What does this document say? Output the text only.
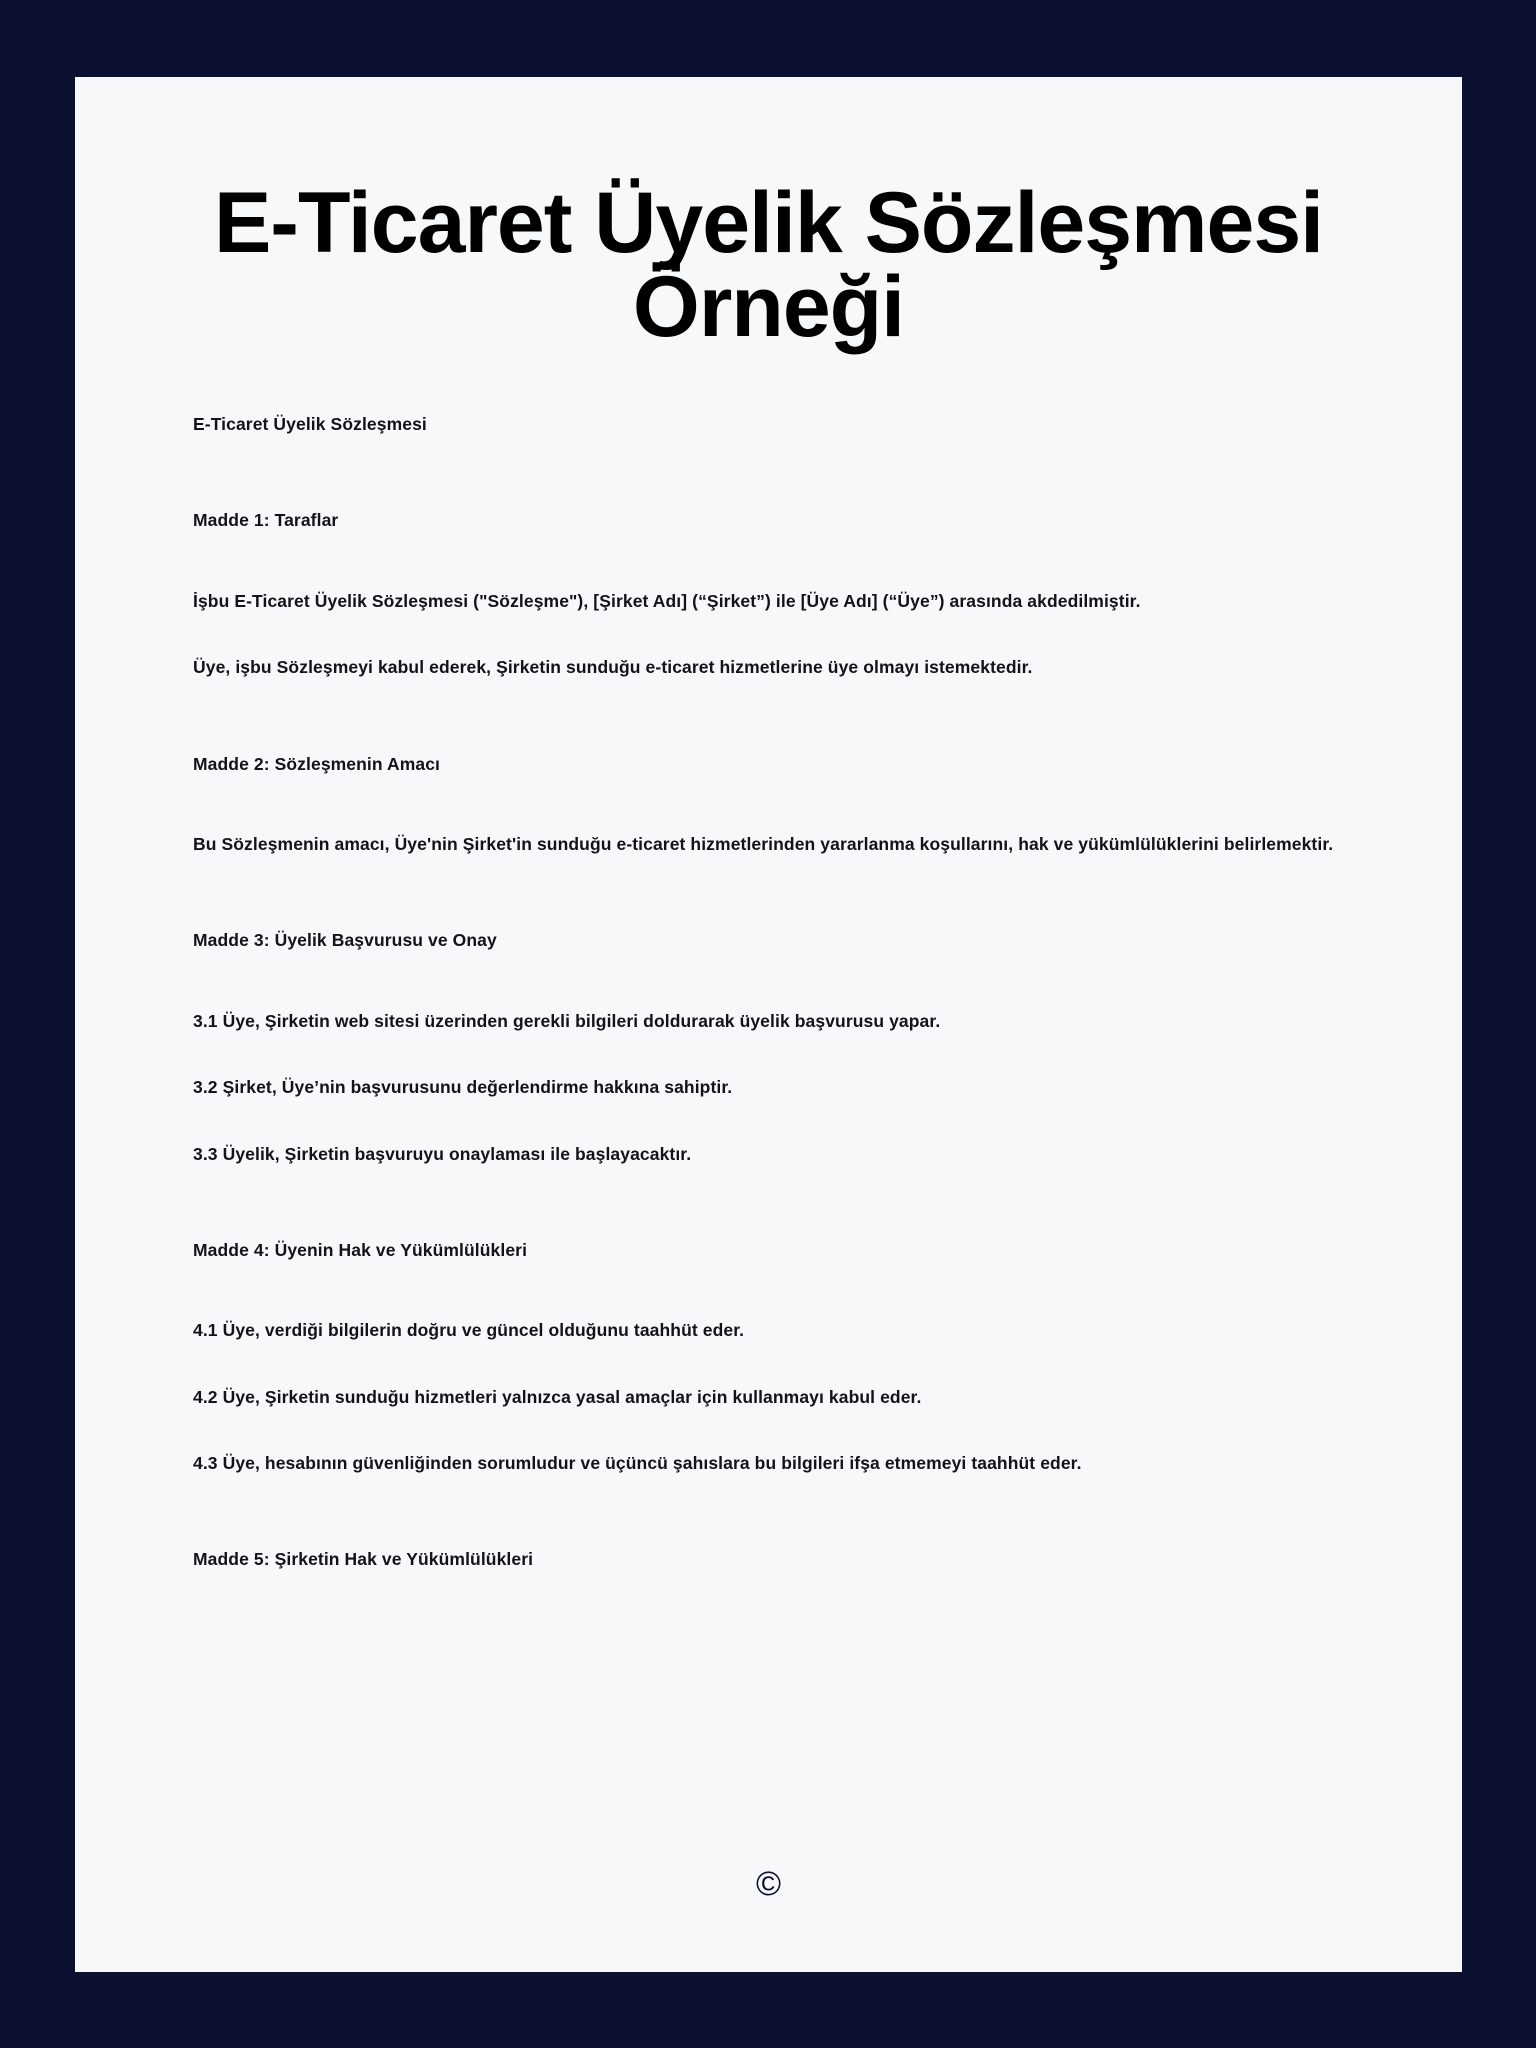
E-Ticaret Üyelik Sözleşmesi Örneği

E-Ticaret Üyelik Sözleşmesi

Madde 1: Taraflar

İşbu E-Ticaret Üyelik Sözleşmesi ("Sözleşme"), [Şirket Adı] (“Şirket”) ile [Üye Adı] (“Üye”) arasında akdedilmiştir.

Üye, işbu Sözleşmeyi kabul ederek, Şirketin sunduğu e-ticaret hizmetlerine üye olmayı istemektedir.

Madde 2: Sözleşmenin Amacı

Bu Sözleşmenin amacı, Üye'nin Şirket'in sunduğu e-ticaret hizmetlerinden yararlanma koşullarını, hak ve yükümlülüklerini belirlemektir.

Madde 3: Üyelik Başvurusu ve Onay

3.1 Üye, Şirketin web sitesi üzerinden gerekli bilgileri doldurarak üyelik başvurusu yapar.

3.2 Şirket, Üye’nin başvurusunu değerlendirme hakkına sahiptir.

3.3 Üyelik, Şirketin başvuruyu onaylaması ile başlayacaktır.

Madde 4: Üyenin Hak ve Yükümlülükleri

4.1 Üye, verdiği bilgilerin doğru ve güncel olduğunu taahhüt eder.

4.2 Üye, Şirketin sunduğu hizmetleri yalnızca yasal amaçlar için kullanmayı kabul eder.

4.3 Üye, hesabının güvenliğinden sorumludur ve üçüncü şahıslara bu bilgileri ifşa etmemeyi taahhüt eder.

Madde 5: Şirketin Hak ve Yükümlülükleri

©
